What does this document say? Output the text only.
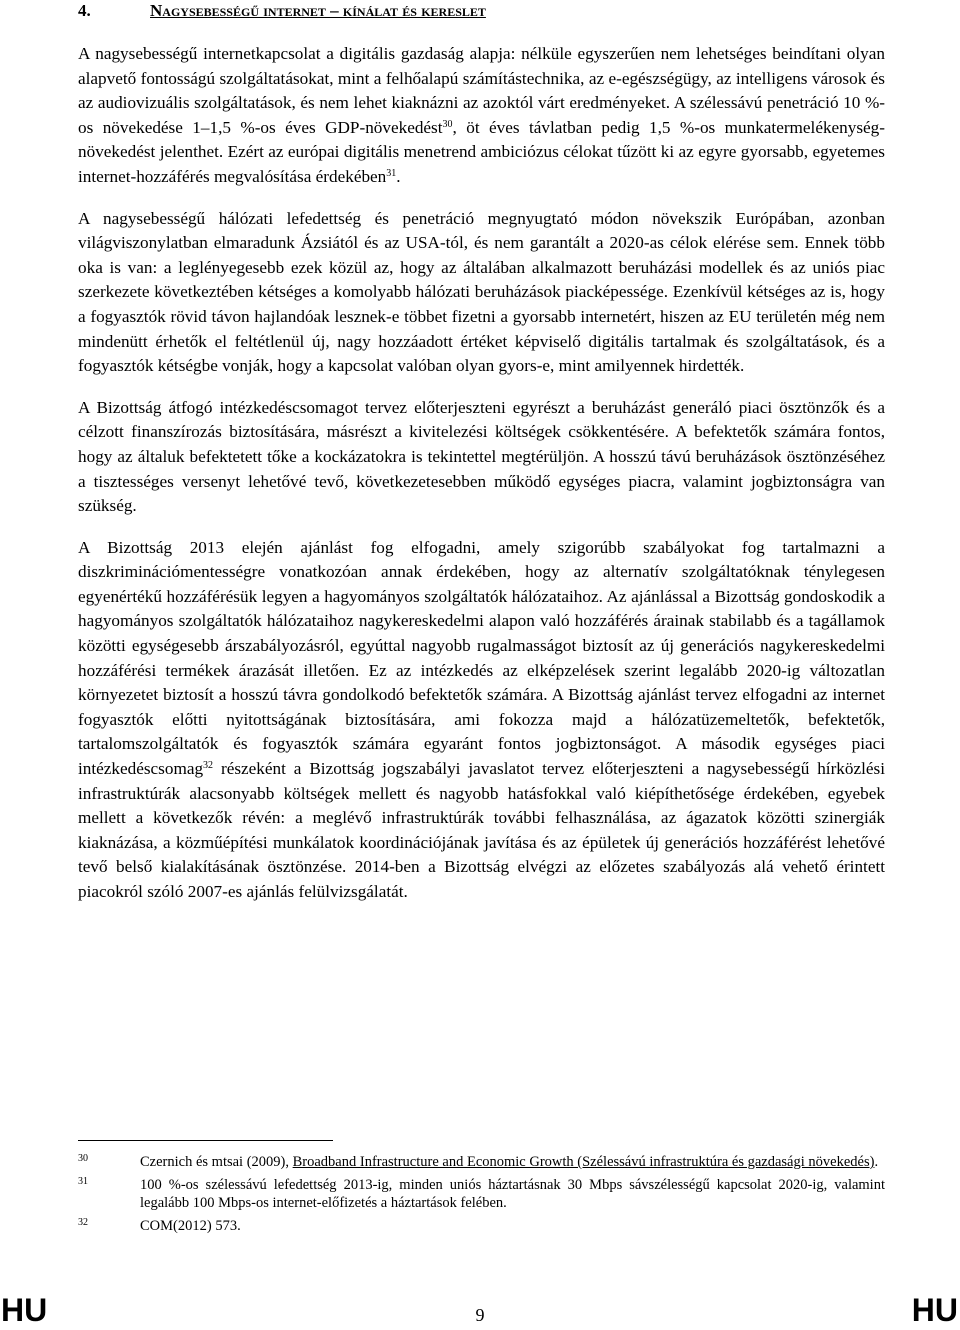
4.	Nagysebességű internet – kínálat és kereslet

A nagysebességű internetkapcsolat a digitális gazdaság alapja: nélküle egyszerűen nem lehetséges beindítani olyan alapvető fontosságú szolgáltatásokat, mint a felhőalapú számítástechnika, az e-egészségügy, az intelligens városok és az audiovizuális szolgáltatások, és nem lehet kiaknázni az azoktól várt eredményeket. A szélessávú penetráció 10 %-os növekedése 1–1,5 %-os éves GDP-növekedést$^{30}$, öt éves távlatban pedig 1,5 %-os munkatermelékenység-növekedést jelenthet. Ezért az európai digitális menetrend ambiciózus célokat tűzött ki az egyre gyorsabb, egyetemes internet-hozzáférés megvalósítása érdekében$^{31}$.

A nagysebességű hálózati lefedettség és penetráció megnyugtató módon növekszik Európában, azonban világviszonylatban elmaradunk Ázsiától és az USA-tól, és nem garantált a 2020-as célok elérése sem. Ennek több oka is van: a leglényegesebb ezek közül az, hogy az általában alkalmazott beruházási modellek és az uniós piac szerkezete következtében kétséges a komolyabb hálózati beruházások piacképessége. Ezenkívül kétséges az is, hogy a fogyasztók rövid távon hajlandóak lesznek-e többet fizetni a gyorsabb internetért, hiszen az EU területén még nem mindenütt érhetők el feltétlenül új, nagy hozzáadott értéket képviselő digitális tartalmak és szolgáltatások, és a fogyasztók kétségbe vonják, hogy a kapcsolat valóban olyan gyors-e, mint amilyennek hirdették.

A Bizottság átfogó intézkedéscsomagot tervez előterjeszteni egyrészt a beruházást generáló piaci ösztönzők és a célzott finanszírozás biztosítására, másrészt a kivitelezési költségek csökkentésére. A befektetők számára fontos, hogy az általuk befektetett tőke a kockázatokra is tekintettel megtérüljön. A hosszú távú beruházások ösztönzéséhez a tisztességes versenyt lehetővé tevő, következetesebben működő egységes piacra, valamint jogbiztonságra van szükség.

A Bizottság 2013 elején ajánlást fog elfogadni, amely szigorúbb szabályokat fog tartalmazni a diszkriminációmentességre vonatkozóan annak érdekében, hogy az alternatív szolgáltatóknak ténylegesen egyenértékű hozzáférésük legyen a hagyományos szolgáltatók hálózataihoz. Az ajánlással a Bizottság gondoskodik a hagyományos szolgáltatók hálózataihoz nagykereskedelmi alapon való hozzáférés árainak stabilabb és a tagállamok közötti egységesebb árszabályozásról, egyúttal nagyobb rugalmasságot biztosít az új generációs nagykereskedelmi hozzáférési termékek árazását illetően. Ez az intézkedés az elképzelések szerint legalább 2020-ig változatlan környezetet biztosít a hosszú távra gondolkodó befektetők számára. A Bizottság ajánlást tervez elfogadni az internet fogyasztók előtti nyitottságának biztosítására, ami fokozza majd a hálózatüzemeltetők, befektetők, tartalomszolgáltatók és fogyasztók számára egyaránt fontos jogbiztonságot. A második egységes piaci intézkedéscsomag$^{32}$ részeként a Bizottság jogszabályi javaslatot tervez előterjeszteni a nagysebességű hírközlési infrastruktúrák alacsonyabb költségek mellett és nagyobb hatásfokkal való kiépíthetősége érdekében, egyebek mellett a következők révén: a meglévő infrastruktúrák további felhasználása, az ágazatok közötti szinergiák kiaknázása, a közműépítési munkálatok koordinációjának javítása és az épületek új generációs hozzáférést lehetővé tevő belső kialakításának ösztönzése. 2014-ben a Bizottság elvégzi az előzetes szabályozás alá vehető érintett piacokról szóló 2007-es ajánlás felülvizsgálatát.

30	Czernich és mtsai (2009), Broadband Infrastructure and Economic Growth (Szélessávú infrastruktúra és gazdasági növekedés).
31	100 %-os szélessávú lefedettség 2013-ig, minden uniós háztartásnak 30 Mbps sávszélességű kapcsolat 2020-ig, valamint legalább 100 Mbps-os internet-előfizetés a háztartások felében.
32	COM(2012) 573.
HU	9	HU
